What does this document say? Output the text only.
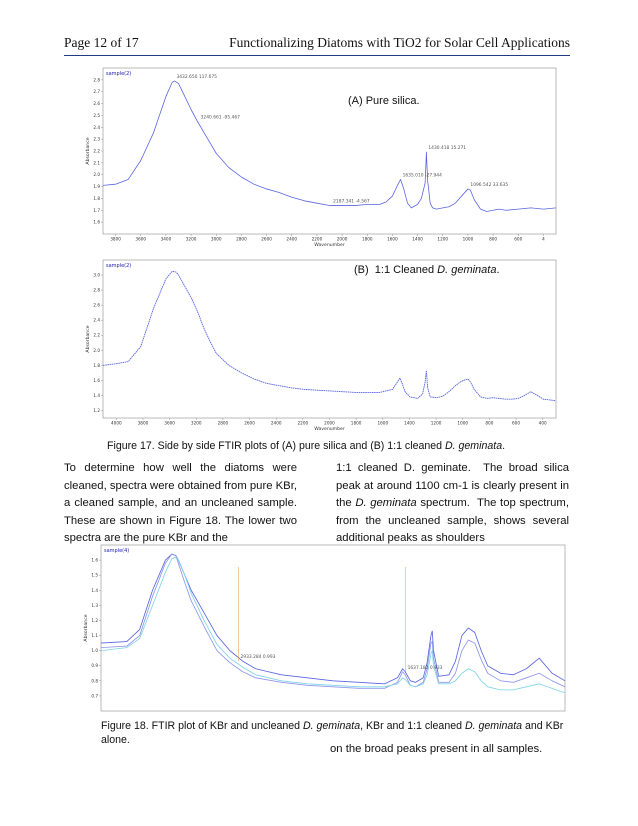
Page 12 of 17	Functionalizing Diatoms with TiO2 for Solar Cell Applications
sample(2)
2.8
2.7
2.6
2.5
2.4
2.3
2.2
2.1
2.0
1.9
1.8
1.7
1.6
3800	3600	3400	3200	3000	2800	2600	2400	2200	2000	1800	1600	1400	1200	1000	800	600	4
Wavenumber
Absorbance
3432.650 117.675
3240.661 -95.467
2187.341 -4.567
1635.010 -27.944
1430.418 15.271
1096.542 33.635
(A) Pure silica.
sample(2)
3.0
2.8
2.6
2.4
2.2
2.0
1.8
1.6
1.4
1.2
4000	3800	3600	3200	2800	2600	2400	2200	2000	1800	1600	1400	1200	1000	800	600	400
Wavenumber
Absorbance
(B)  1:1 Cleaned D. geminata.
Figure 17. Side by side FTIR plots of (A) pure silica and (B) 1:1 cleaned D. geminata.

To determine how well the diatoms were cleaned, spectra were obtained from pure KBr, a cleaned sample, and an uncleaned sample. These are shown in Figure 18. The lower two spectra are the pure KBr and the

1:1 cleaned D. geminate.  The broad silica peak at around 1100 cm-1 is clearly present in the D. geminata spectrum.  The top spectrum, from the uncleaned sample, shows several additional peaks as shoulders

sample(4)
1.6
1.5
1.4
1.3
1.2
1.1
1.0
0.9
0.8
0.7
Absorbance
2933.284 0.993
1637.182 0.933
Figure 18. FTIR plot of KBr and uncleaned D. geminata, KBr and 1:1 cleaned D. geminata and KBr
alone.
on the broad peaks present in all samples.
